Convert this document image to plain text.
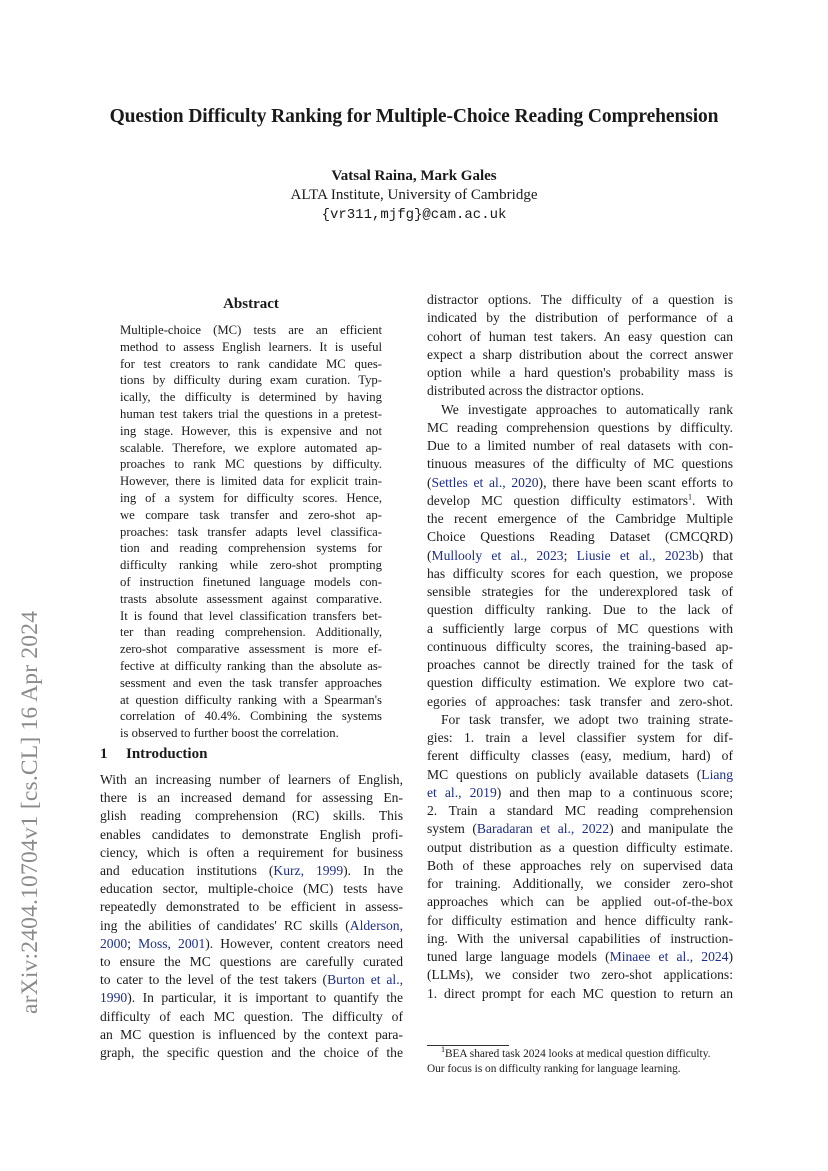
arXiv:2404.10704v1 [cs.CL] 16 Apr 2024
Question Difficulty Ranking for Multiple-Choice Reading Comprehension
Vatsal Raina, Mark Gales
ALTA Institute, University of Cambridge
{vr311,mjfg}@cam.ac.uk
Abstract
Multiple-choice (MC) tests are an efficient
method to assess English learners. It is useful
for test creators to rank candidate MC ques-
tions by difficulty during exam curation. Typ-
ically, the difficulty is determined by having
human test takers trial the questions in a pretest-
ing stage. However, this is expensive and not
scalable. Therefore, we explore automated ap-
proaches to rank MC questions by difficulty.
However, there is limited data for explicit train-
ing of a system for difficulty scores. Hence,
we compare task transfer and zero-shot ap-
proaches: task transfer adapts level classifica-
tion and reading comprehension systems for
difficulty ranking while zero-shot prompting
of instruction finetuned language models con-
trasts absolute assessment against comparative.
It is found that level classification transfers bet-
ter than reading comprehension. Additionally,
zero-shot comparative assessment is more ef-
fective at difficulty ranking than the absolute as-
sessment and even the task transfer approaches
at question difficulty ranking with a Spearman's
correlation of 40.4%. Combining the systems
is observed to further boost the correlation.
1 Introduction
With an increasing number of learners of English,
there is an increased demand for assessing En-
glish reading comprehension (RC) skills. This
enables candidates to demonstrate English profi-
ciency, which is often a requirement for business
and education institutions (Kurz, 1999). In the
education sector, multiple-choice (MC) tests have
repeatedly demonstrated to be efficient in assess-
ing the abilities of candidates' RC skills (Alderson,
2000; Moss, 2001). However, content creators need
to ensure the MC questions are carefully curated
to cater to the level of the test takers (Burton et al.,
1990). In particular, it is important to quantify the
difficulty of each MC question. The difficulty of
an MC question is influenced by the context para-
graph, the specific question and the choice of the
distractor options. The difficulty of a question is
indicated by the distribution of performance of a
cohort of human test takers. An easy question can
expect a sharp distribution about the correct answer
option while a hard question's probability mass is
distributed across the distractor options.
We investigate approaches to automatically rank
MC reading comprehension questions by difficulty.
Due to a limited number of real datasets with con-
tinuous measures of the difficulty of MC questions
(Settles et al., 2020), there have been scant efforts to
develop MC question difficulty estimators$^1$. With
the recent emergence of the Cambridge Multiple
Choice Questions Reading Dataset (CMCQRD)
(Mullooly et al., 2023; Liusie et al., 2023b) that
has difficulty scores for each question, we propose
sensible strategies for the underexplored task of
question difficulty ranking. Due to the lack of
a sufficiently large corpus of MC questions with
continuous difficulty scores, the training-based ap-
proaches cannot be directly trained for the task of
question difficulty estimation. We explore two cat-
egories of approaches: task transfer and zero-shot.
For task transfer, we adopt two training strate-
gies: 1. train a level classifier system for dif-
ferent difficulty classes (easy, medium, hard) of
MC questions on publicly available datasets (Liang
et al., 2019) and then map to a continuous score;
2. Train a standard MC reading comprehension
system (Baradaran et al., 2022) and manipulate the
output distribution as a question difficulty estimate.
Both of these approaches rely on supervised data
for training. Additionally, we consider zero-shot
approaches which can be applied out-of-the-box
for difficulty estimation and hence difficulty rank-
ing. With the universal capabilities of instruction-
tuned large language models (Minaee et al., 2024)
(LLMs), we consider two zero-shot applications:
1. direct prompt for each MC question to return an
$^1$BEA shared task 2024 looks at medical question difficulty.
Our focus is on difficulty ranking for language learning.
